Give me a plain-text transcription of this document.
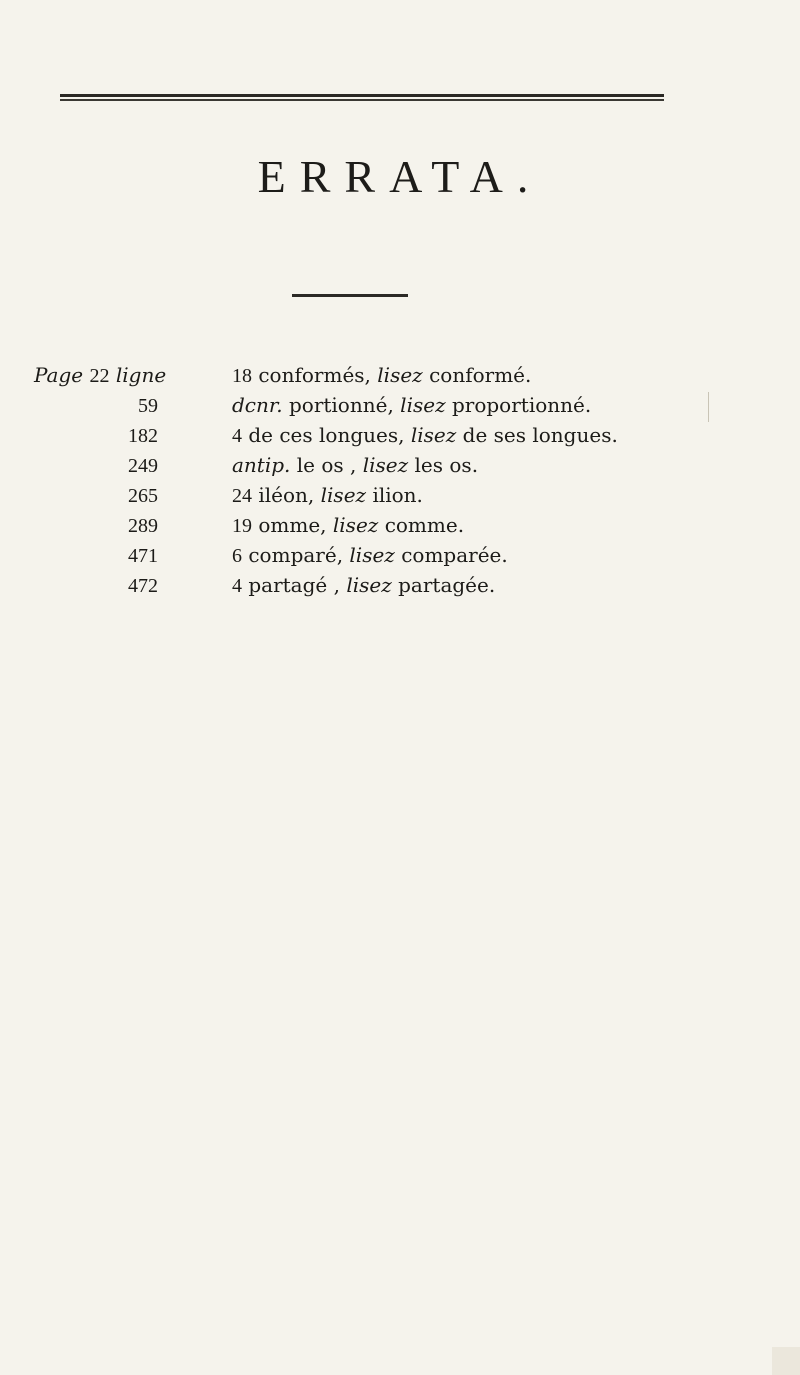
ERRATA.
Page 22 ligne	18 conformés, lisez conformé.
59	dcnr. portionné, lisez proportionné.
182	4 de ces longues, lisez de ses longues.
249	antip. le os , lisez les os.
265	24 iléon, lisez ilion.
289	19 omme, lisez comme.
471	6 comparé, lisez comparée.
472	4 partagé , lisez partagée.
